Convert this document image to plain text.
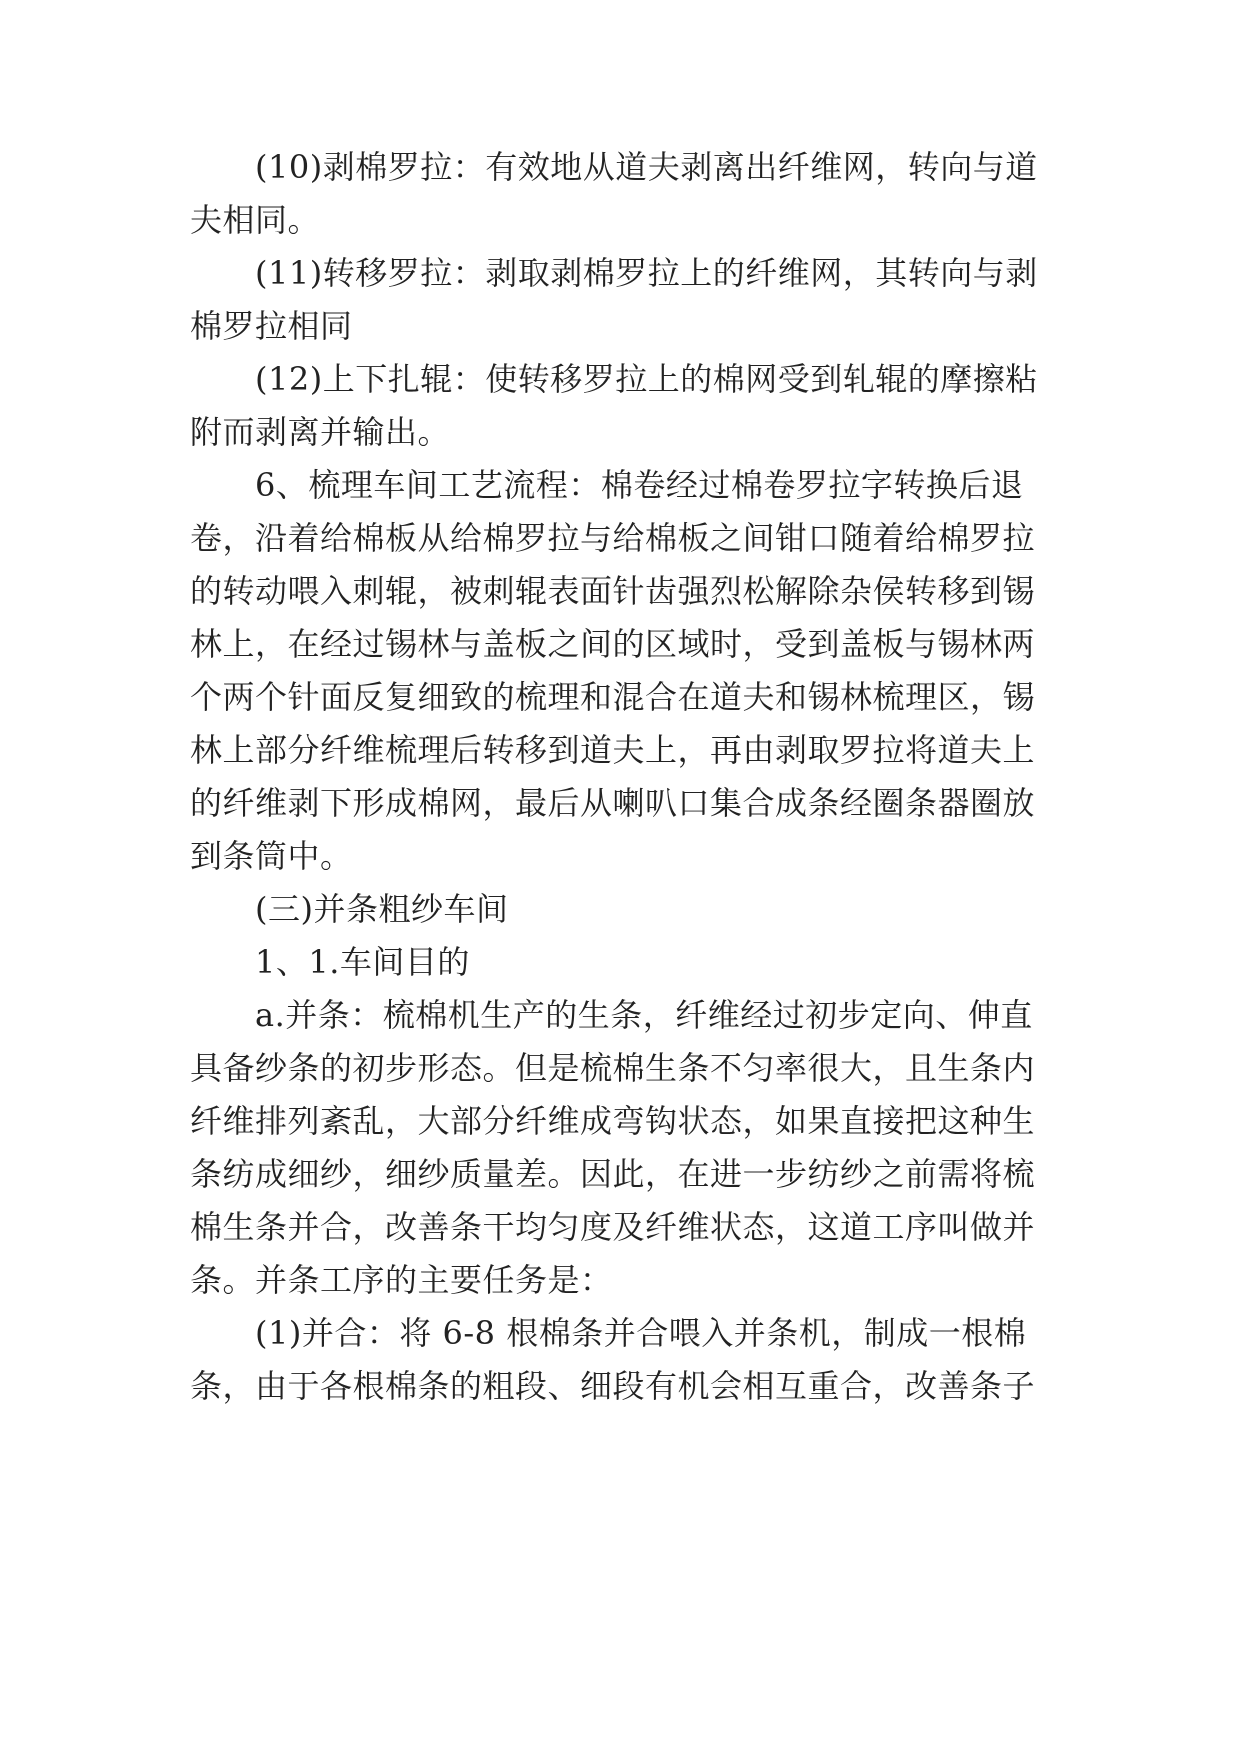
(10)剥棉罗拉：有效地从道夫剥离出纤维网，转向与道
夫相同。
(11)转移罗拉：剥取剥棉罗拉上的纤维网，其转向与剥
棉罗拉相同
(12)上下扎辊：使转移罗拉上的棉网受到轧辊的摩擦粘
附而剥离并输出。
6、梳理车间工艺流程：棉卷经过棉卷罗拉字转换后退
卷，沿着给棉板从给棉罗拉与给棉板之间钳口随着给棉罗拉
的转动喂入刺辊，被刺辊表面针齿强烈松解除杂侯转移到锡
林上，在经过锡林与盖板之间的区域时，受到盖板与锡林两
个两个针面反复细致的梳理和混合在道夫和锡林梳理区，锡
林上部分纤维梳理后转移到道夫上，再由剥取罗拉将道夫上
的纤维剥下形成棉网，最后从喇叭口集合成条经圈条器圈放
到条筒中。
(三)并条粗纱车间
1、1.车间目的
a.并条：梳棉机生产的生条，纤维经过初步定向、伸直
具备纱条的初步形态。但是梳棉生条不匀率很大，且生条内
纤维排列紊乱，大部分纤维成弯钩状态，如果直接把这种生
条纺成细纱，细纱质量差。因此，在进一步纺纱之前需将梳
棉生条并合，改善条干均匀度及纤维状态，这道工序叫做并
条。并条工序的主要任务是：
(1)并合：将 6-8 根棉条并合喂入并条机，制成一根棉
条，由于各根棉条的粗段、细段有机会相互重合，改善条子
